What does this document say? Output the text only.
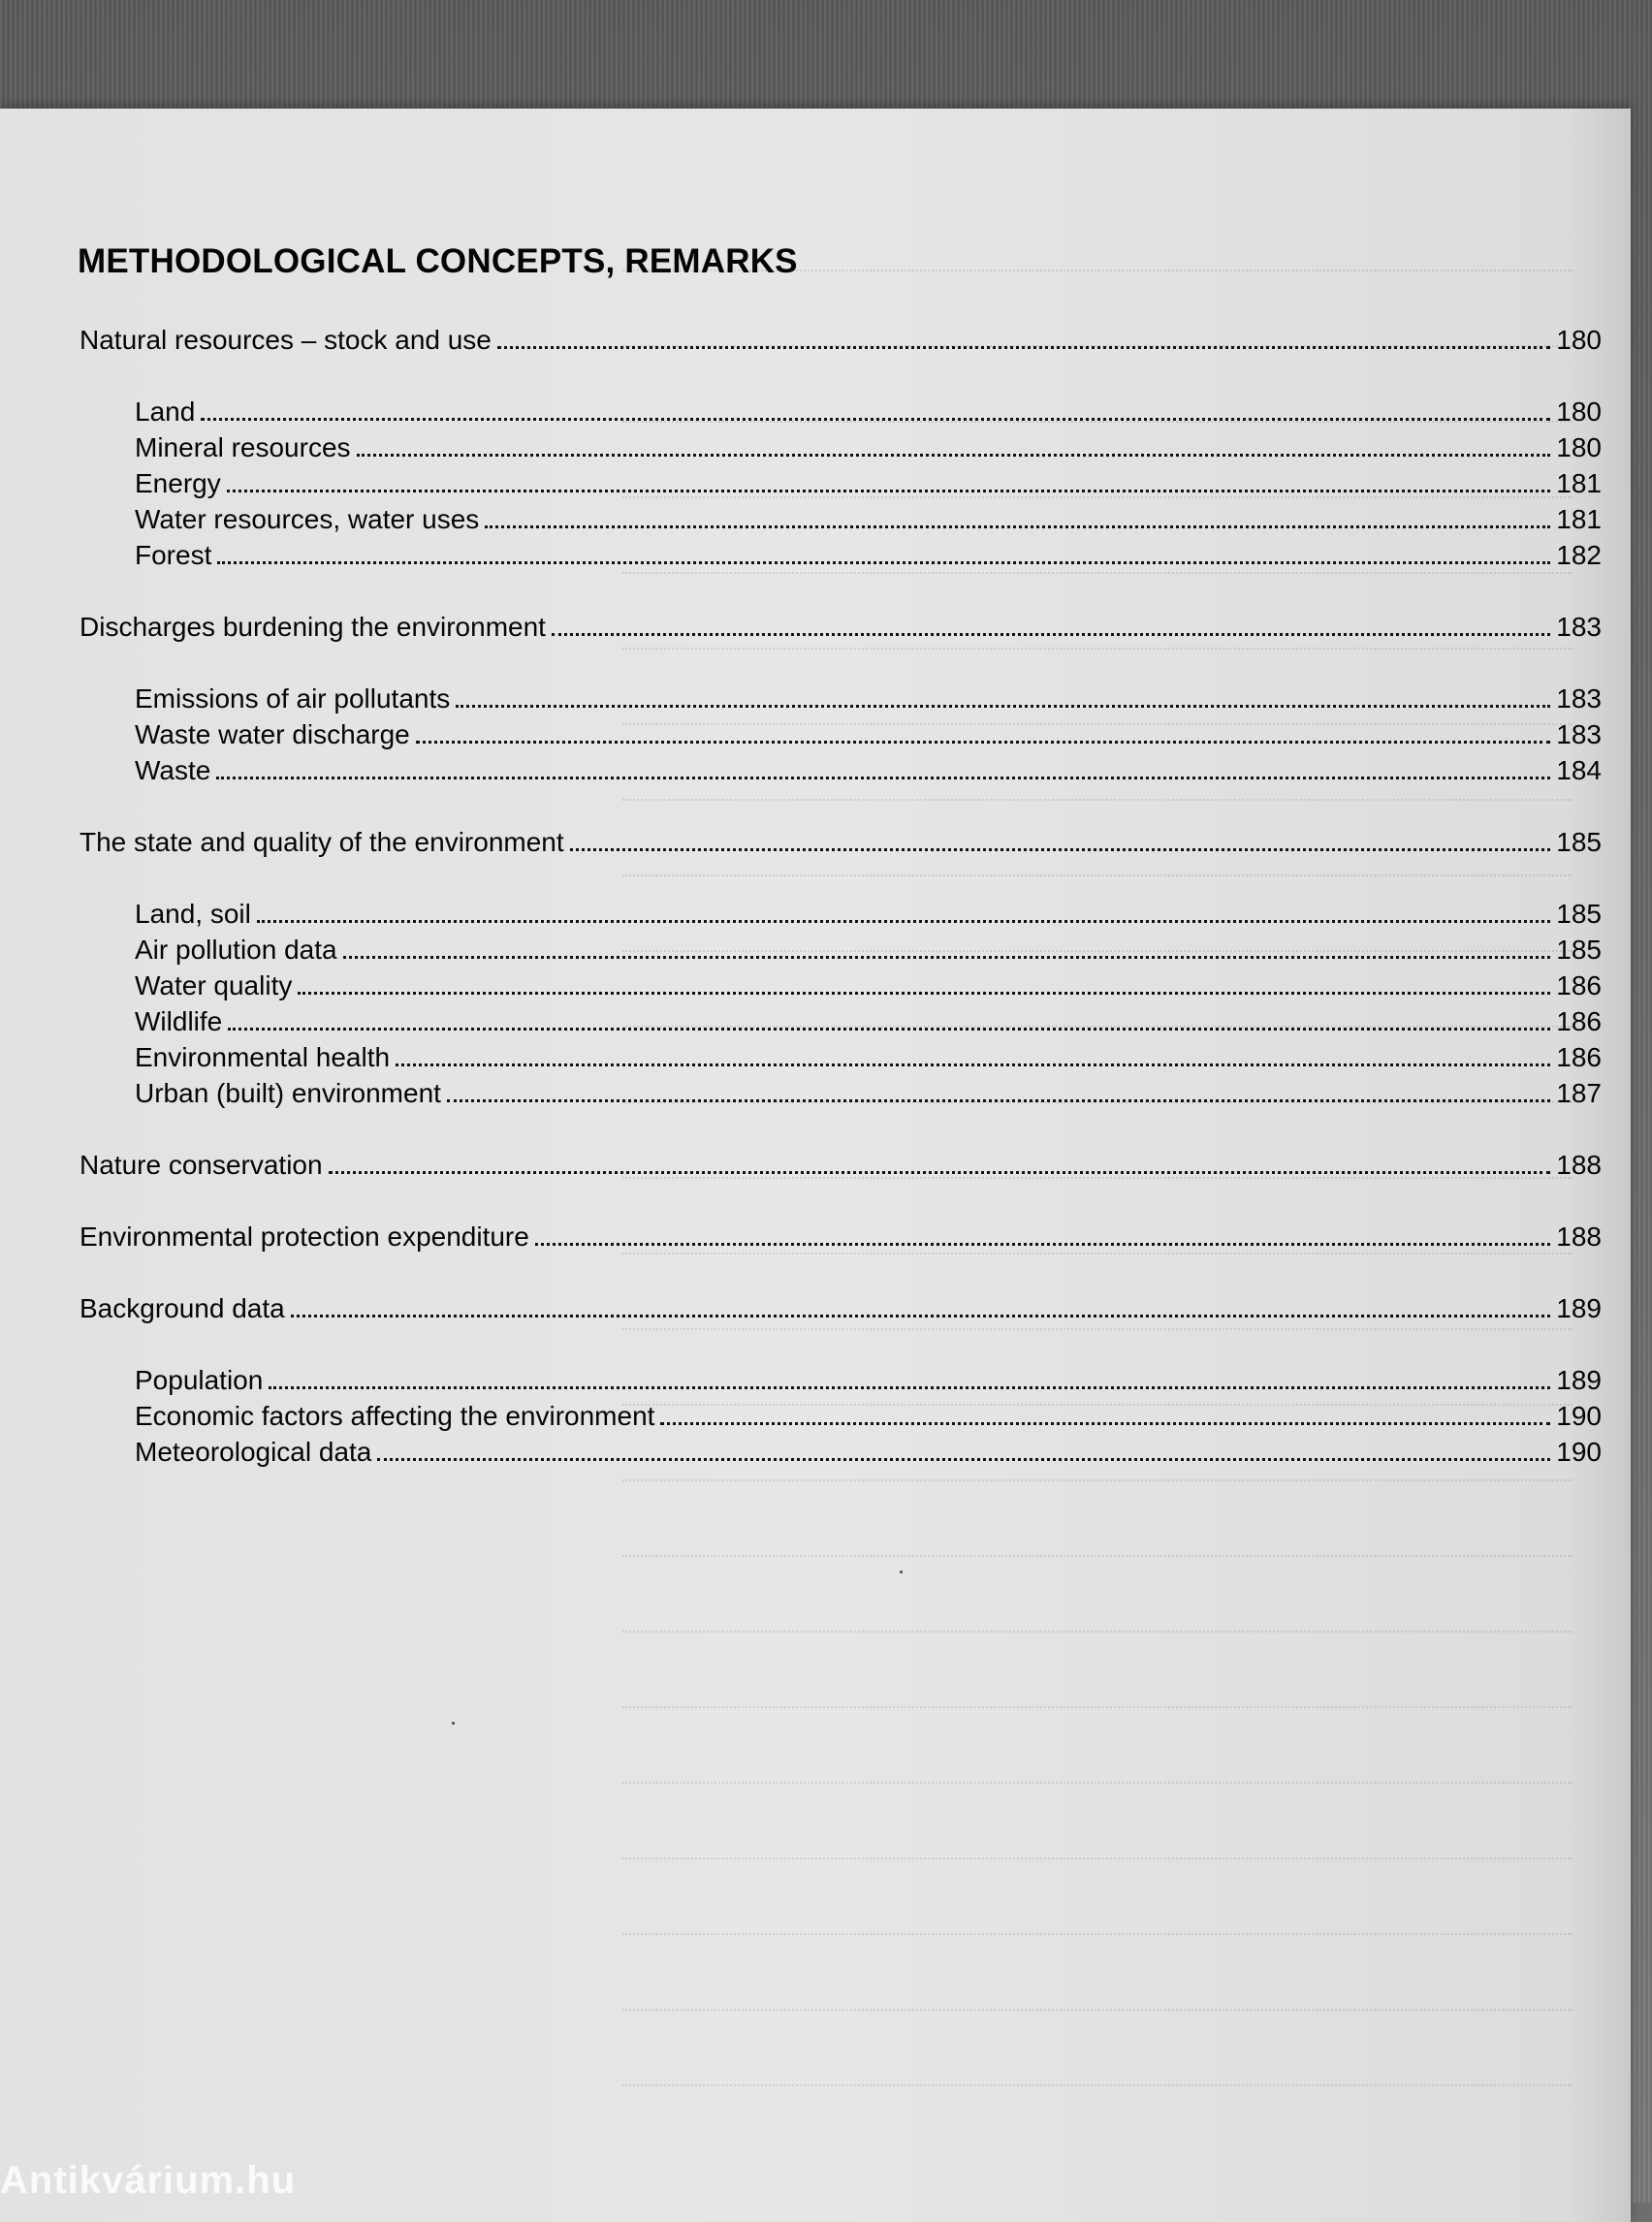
METHODOLOGICAL CONCEPTS, REMARKS
Natural resources – stock and use	180
Land	180
Mineral resources	180
Energy	181
Water resources, water uses	181
Forest	182
Discharges burdening the environment	183
Emissions of air pollutants	183
Waste water discharge	183
Waste	184
The state and quality of the environment	185
Land, soil	185
Air pollution data	185
Water quality	186
Wildlife	186
Environmental health	186
Urban (built) environment	187
Nature conservation	188
Environmental protection expenditure	188
Background data	189
Population	189
Economic factors affecting the environment	190
Meteorological data	190
Antikvárium.hu
